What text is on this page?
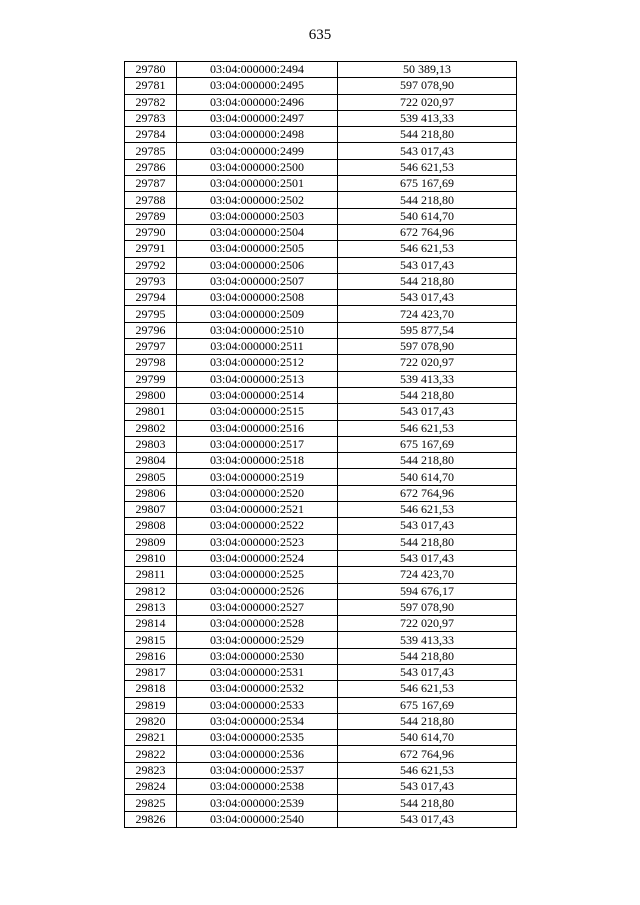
635
29780	03:04:000000:2494	50 389,13
29781	03:04:000000:2495	597 078,90
29782	03:04:000000:2496	722 020,97
29783	03:04:000000:2497	539 413,33
29784	03:04:000000:2498	544 218,80
29785	03:04:000000:2499	543 017,43
29786	03:04:000000:2500	546 621,53
29787	03:04:000000:2501	675 167,69
29788	03:04:000000:2502	544 218,80
29789	03:04:000000:2503	540 614,70
29790	03:04:000000:2504	672 764,96
29791	03:04:000000:2505	546 621,53
29792	03:04:000000:2506	543 017,43
29793	03:04:000000:2507	544 218,80
29794	03:04:000000:2508	543 017,43
29795	03:04:000000:2509	724 423,70
29796	03:04:000000:2510	595 877,54
29797	03:04:000000:2511	597 078,90
29798	03:04:000000:2512	722 020,97
29799	03:04:000000:2513	539 413,33
29800	03:04:000000:2514	544 218,80
29801	03:04:000000:2515	543 017,43
29802	03:04:000000:2516	546 621,53
29803	03:04:000000:2517	675 167,69
29804	03:04:000000:2518	544 218,80
29805	03:04:000000:2519	540 614,70
29806	03:04:000000:2520	672 764,96
29807	03:04:000000:2521	546 621,53
29808	03:04:000000:2522	543 017,43
29809	03:04:000000:2523	544 218,80
29810	03:04:000000:2524	543 017,43
29811	03:04:000000:2525	724 423,70
29812	03:04:000000:2526	594 676,17
29813	03:04:000000:2527	597 078,90
29814	03:04:000000:2528	722 020,97
29815	03:04:000000:2529	539 413,33
29816	03:04:000000:2530	544 218,80
29817	03:04:000000:2531	543 017,43
29818	03:04:000000:2532	546 621,53
29819	03:04:000000:2533	675 167,69
29820	03:04:000000:2534	544 218,80
29821	03:04:000000:2535	540 614,70
29822	03:04:000000:2536	672 764,96
29823	03:04:000000:2537	546 621,53
29824	03:04:000000:2538	543 017,43
29825	03:04:000000:2539	544 218,80
29826	03:04:000000:2540	543 017,43
